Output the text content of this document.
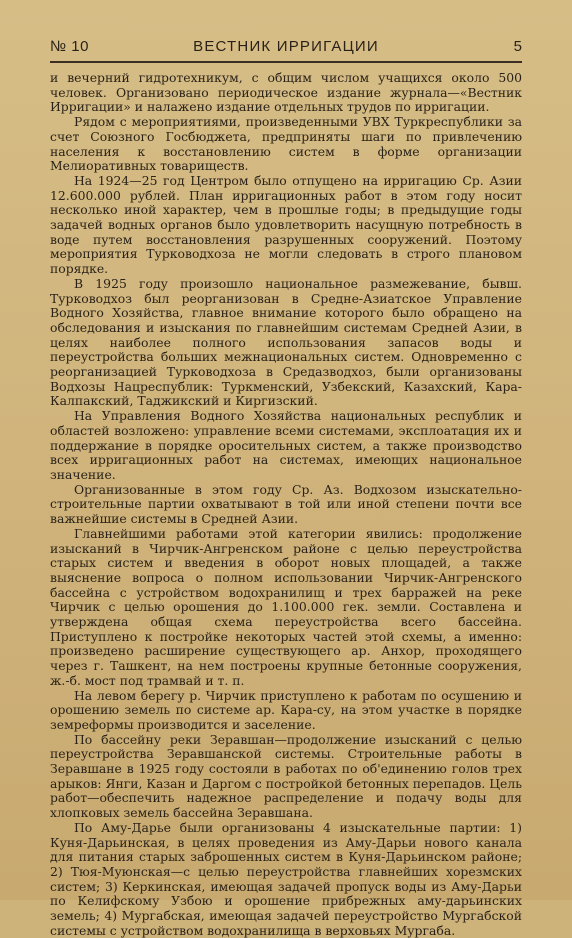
№ 10	ВЕСТНИК ИРРИГАЦИИ	5

и вечерний гидротехникум, с общим числом учащихся около 500 человек. Организовано периодическое издание журнала—«Вестник Ирригации» и налажено издание отдельных трудов по ирригации.

Рядом с мероприятиями, произведенными УВХ Туркреспублики за счет Союзного Госбюджета, предприняты шаги по привлечению населения к восстановлению систем в форме организации Мелиоративных товариществ.

На 1924—25 год Центром было отпущено на ирригацию Ср. Азии 12.600.000 рублей. План ирригационных работ в этом году носит несколько иной характер, чем в прошлые годы; в предыдущие годы задачей водных органов было удовлетворить насущную потребность в воде путем восстановления разрушенных сооружений. Поэтому мероприятия Турководхоза не могли следовать в строго плановом порядке.

В 1925 году произошло национальное размежевание, бывш. Турководхоз был реорганизован в Средне-Азиатское Управление Водного Хозяйства, главное внимание которого было обращено на обследования и изыскания по главнейшим системам Средней Азии, в целях наиболее полного использования запасов воды и переустройства больших межнациональных систем. Одновременно с реорганизацией Турководхоза в Средазводхоз, были организованы Водхозы Нацреспублик: Туркменский, Узбекский, Казахский, Кара-Калпакский, Таджикский и Киргизский.

На Управления Водного Хозяйства национальных республик и областей возложено: управление всеми системами, эксплоатация их и поддержание в порядке оросительных систем, а также производство всех ирригационных работ на системах, имеющих национальное значение.

Организованные в этом году Ср. Аз. Водхозом изыскательно-строительные партии охватывают в той или иной степени почти все важнейшие системы в Средней Азии.

Главнейшими работами этой категории явились: продолжение изысканий в Чирчик-Ангренском районе с целью переустройства старых систем и введения в оборот новых площадей, а также выяснение вопроса о полном использовании Чирчик-Ангренского бассейна с устройством водохранилищ и трех барражей на реке Чирчик с целью орошения до 1.100.000 гек. земли. Составлена и утверждена общая схема переустройства всего бассейна. Приступлено к постройке некоторых частей этой схемы, а именно: произведено расширение существующего ар. Анхор, проходящего через г. Ташкент, на нем построены крупные бетонные сооружения, ж.-б. мост под трамвай и т. п.

На левом берегу р. Чирчик приступлено к работам по осушению и орошению земель по системе ар. Кара-су, на этом участке в порядке земреформы производится и заселение.

По бассейну реки Зеравшан—продолжение изысканий с целью переустройства Зеравшанской системы. Строительные работы в Зеравшане в 1925 году состояли в работах по об'единению голов трех арыков: Янги, Казан и Даргом с постройкой бетонных перепадов. Цель работ—обеспечить надежное распределение и подачу воды для хлопковых земель бассейна Зеравшана.

По Аму-Дарье были организованы 4 изыскательные партии: 1) Куня-Дарьинская, в целях проведения из Аму-Дарьи нового канала для питания старых заброшенных систем в Куня-Дарьинском районе; 2) Тюя-Муюнская—с целью переустройства главнейших хорезмских систем; 3) Керкинская, имеющая задачей пропуск воды из Аму-Дарьи по Келифскому Узбою и орошение прибрежных аму-дарьинских земель; 4) Мургабская, имеющая задачей переустройство Мургабской системы с устройством водохранилища в верховьях Мургаба.
